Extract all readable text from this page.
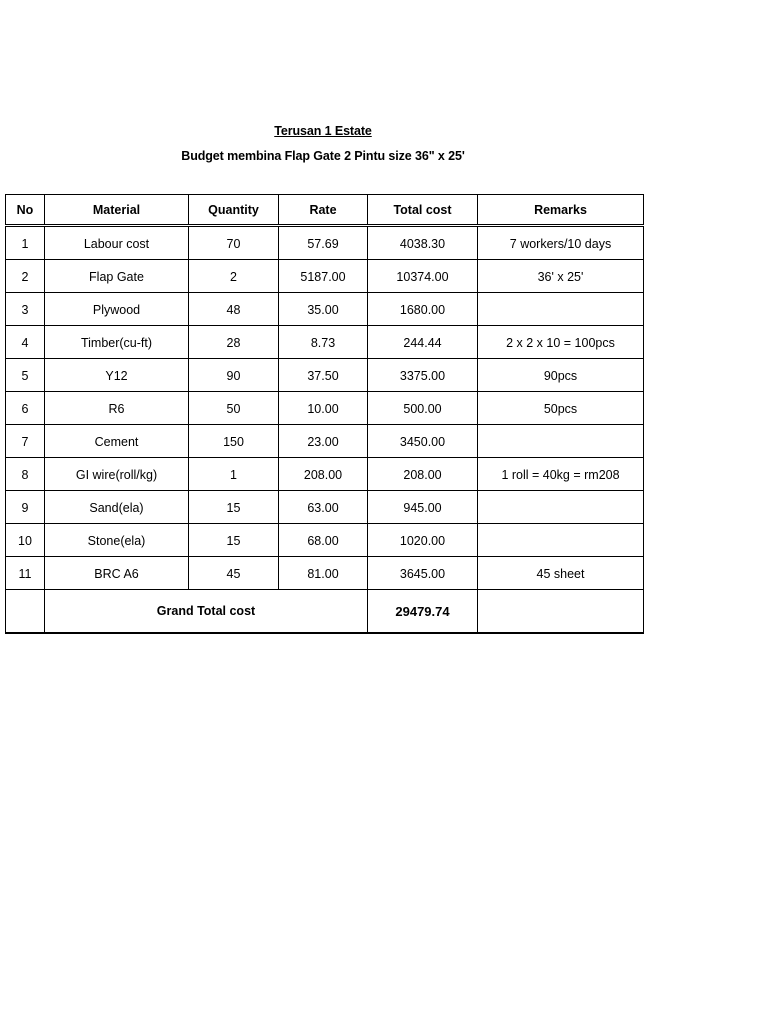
Terusan 1 Estate
Budget membina Flap Gate 2 Pintu size 36" x 25'
No	Material	Quantity	Rate	Total cost	Remarks
1	Labour cost	70	57.69	4038.30	7 workers/10 days
2	Flap Gate	2	5187.00	10374.00	36' x 25'
3	Plywood	48	35.00	1680.00	
4	Timber(cu-ft)	28	8.73	244.44	2 x 2 x 10 = 100pcs
5	Y12	90	37.50	3375.00	90pcs
6	R6	50	10.00	500.00	50pcs
7	Cement	150	23.00	3450.00	
8	GI wire(roll/kg)	1	208.00	208.00	1 roll = 40kg = rm208
9	Sand(ela)	15	63.00	945.00	
10	Stone(ela)	15	68.00	1020.00	
11	BRC A6	45	81.00	3645.00	45 sheet
	Grand Total cost			29479.74	
